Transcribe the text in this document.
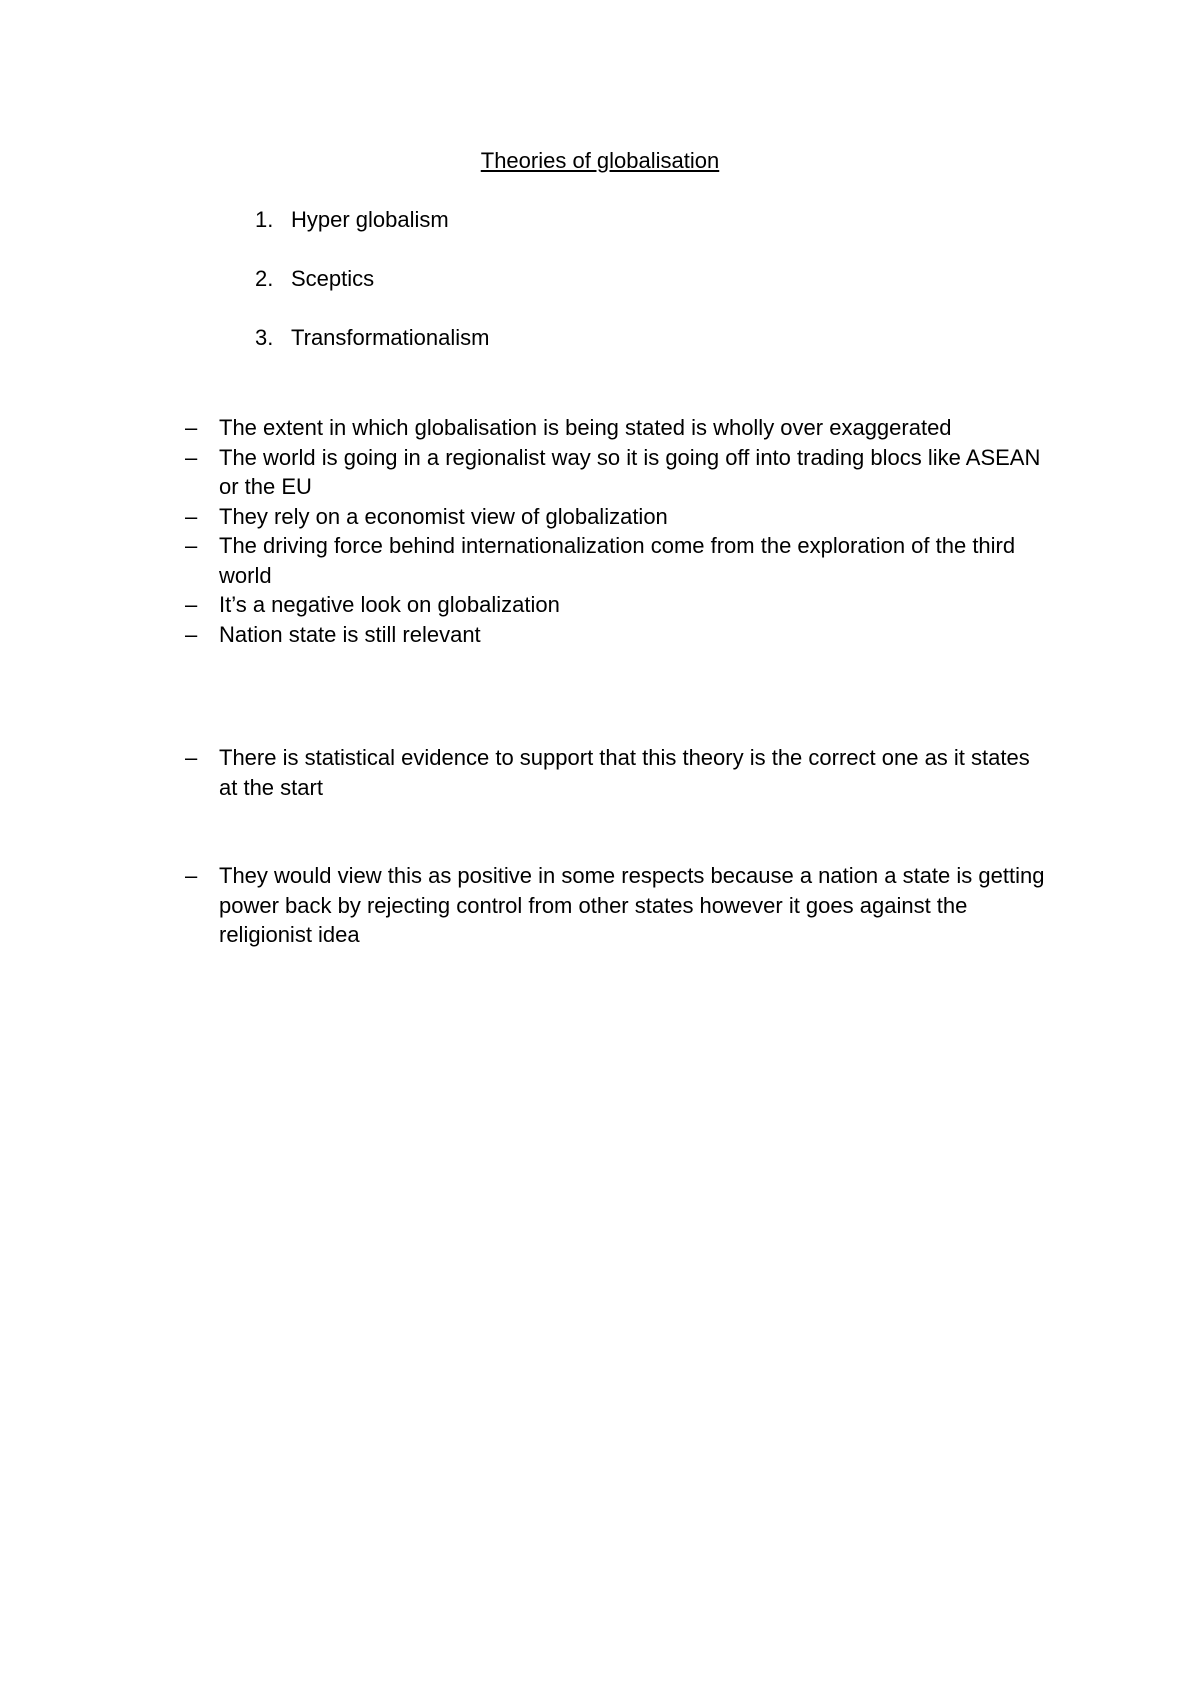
Theories of globalisation
1. Hyper globalism
2. Sceptics
3. Transformationalism
– The extent in which globalisation is being stated is wholly over exaggerated
– The world is going in a regionalist way so it is going off into trading blocs like ASEAN or the EU
– They rely on a economist view of globalization
– The driving force behind internationalization come from the exploration of the third world
– It’s a negative look on globalization
– Nation state is still relevant
– There is statistical evidence to support that this theory is the correct one as it states at the start
– They would view this as positive in some respects because a nation a state is getting power back by rejecting control from other states however it goes against the religionist idea
